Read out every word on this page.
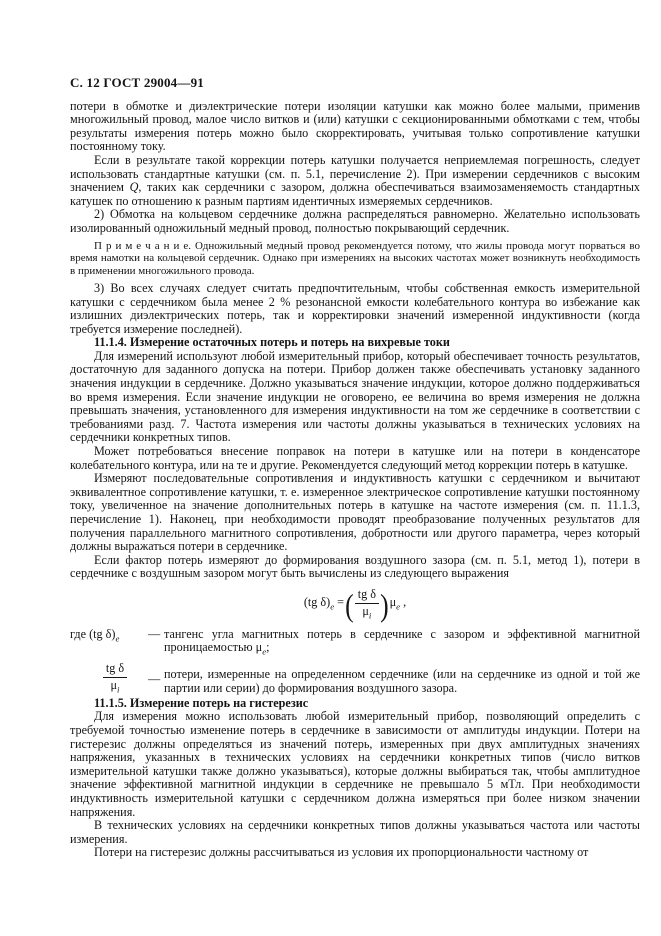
С. 12 ГОСТ 29004—91

потери в обмотке и диэлектрические потери изоляции катушки как можно более малыми, применив многожильный провод, малое число витков и (или) катушки с секционированными обмотками с тем, чтобы результаты измерения потерь можно было скорректировать, учитывая только сопротивление катушки постоянному току.

Если в результате такой коррекции потерь катушки получается неприемлемая погрешность, следует использовать стандартные катушки (см. п. 5.1, перечисление 2). При измерении сердечников с высоким значением Q, таких как сердечники с зазором, должна обеспечиваться взаимозаменяемость стандартных катушек по отношению к разным партиям идентичных измеряемых сердечников.

2) Обмотка на кольцевом сердечнике должна распределяться равномерно. Желательно использовать изолированный одножильный медный провод, полностью покрывающий сердечник.

П р и м е ч а н и е. Одножильный медный провод рекомендуется потому, что жилы провода могут порваться во время намотки на кольцевой сердечник. Однако при измерениях на высоких частотах может возникнуть необходимость в применении многожильного провода.

3) Во всех случаях следует считать предпочтительным, чтобы собственная емкость измерительной катушки с сердечником была менее 2 % резонансной емкости колебательного контура во избежание как излишних диэлектрических потерь, так и корректировки значений измеренной индуктивности (когда требуется измерение последней).

11.1.4. Измерение остаточных потерь и потерь на вихревые токи

Для измерений используют любой измерительный прибор, который обеспечивает точность результатов, достаточную для заданного допуска на потери. Прибор должен также обеспечивать установку заданного значения индукции в сердечнике. Должно указываться значение индукции, которое должно поддерживаться во время измерения. Если значение индукции не оговорено, ее величина во время измерения не должна превышать значения, установленного для измерения индуктивности на том же сердечнике в соответствии с требованиями разд. 7. Частота измерения или частоты должны указываться в технических условиях на сердечники конкретных типов.

Может потребоваться внесение поправок на потери в катушке или на потери в конденсаторе колебательного контура, или на те и другие. Рекомендуется следующий метод коррекции потерь в катушке.

Измеряют последовательные сопротивления и индуктивность катушки с сердечником и вычитают эквивалентное сопротивление катушки, т. е. измеренное электрическое сопротивление катушки постоянному току, увеличенное на значение дополнительных потерь в катушке на частоте измерения (см. п. 11.1.3, перечисление 1). Наконец, при необходимости проводят преобразование полученных результатов для получения параллельного магнитного сопротивления, добротности или другого параметра, через который должны выражаться потери в сердечнике.

Если фактор потерь измеряют до формирования воздушного зазора (см. п. 5.1, метод 1), потери в сердечнике с воздушным зазором могут быть вычислены из следующего выражения

(tg $\delta)_e$ = ( $\frac{\text{tg δ}}{\mu_i}$ ) $\mu_e$ ,
где (tg $\delta)_e$	— тангенс угла магнитных потерь в сердечнике с зазором и эффективной магнитной проницаемостью $\mu_e$;
$\frac{\text{tg δ}}{\mu_i}$ — потери, измеренные на определенном сердечнике (или на сердечнике из одной и той же партии или серии) до формирования воздушного зазора.

11.1.5. Измерение потерь на гистерезис

Для измерения можно использовать любой измерительный прибор, позволяющий определить с требуемой точностью изменение потерь в сердечнике в зависимости от амплитуды индукции. Потери на гистерезис должны определяться из значений потерь, измеренных при двух амплитудных значениях напряжения, указанных в технических условиях на сердечники конкретных типов (число витков измерительной катушки также должно указываться), которые должны выбираться так, чтобы амплитудное значение эффективной магнитной индукции в сердечнике не превышало 5 мТл. При необходимости индуктивность измерительной катушки с сердечником должна измеряться при более низком значении напряжения.

В технических условиях на сердечники конкретных типов должны указываться частота или частоты измерения.

Потери на гистерезис должны рассчитываться из условия их пропорциональности частному от
